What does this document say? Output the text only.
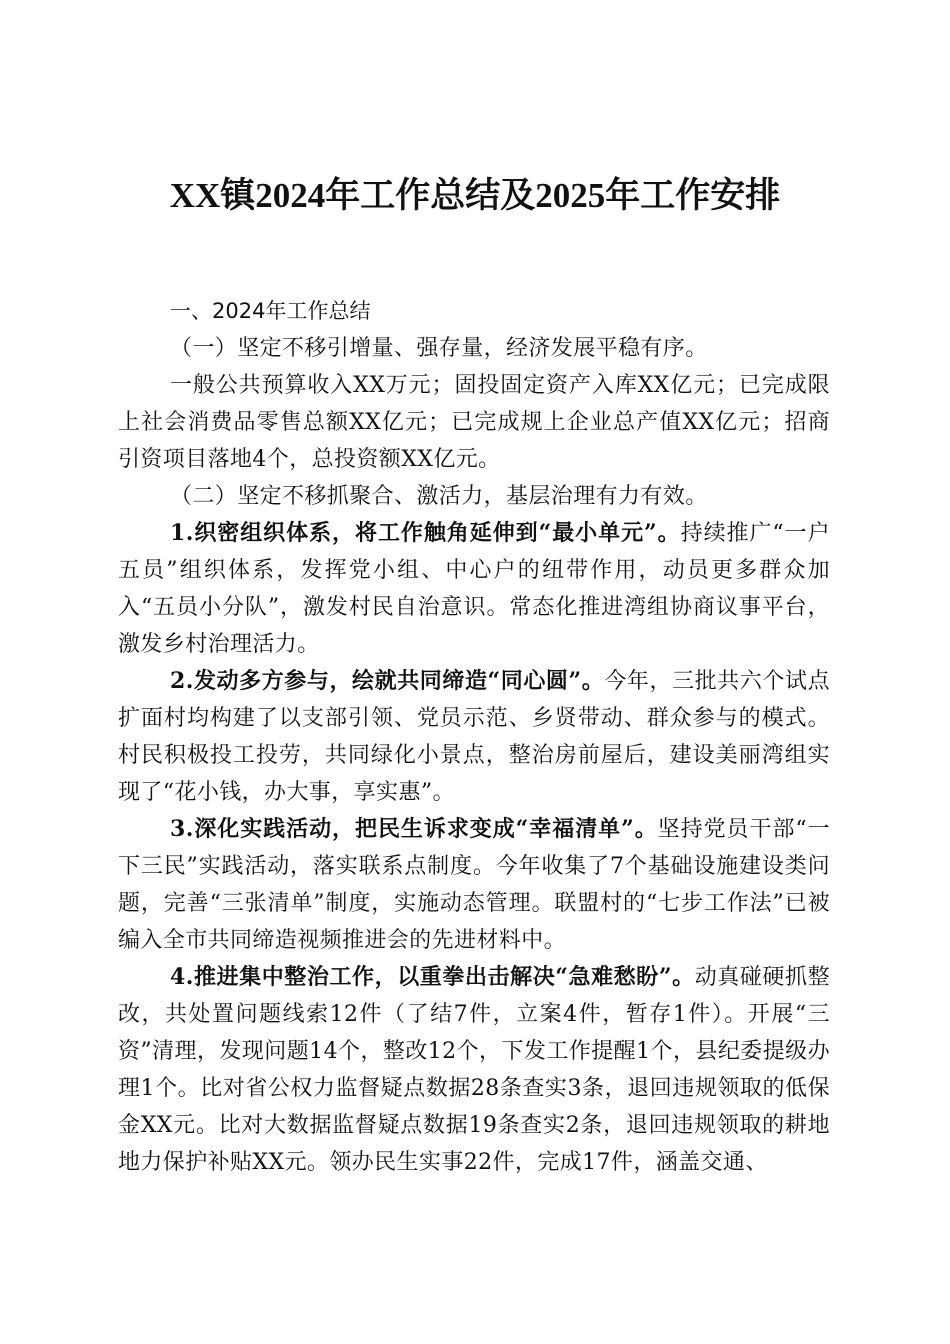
XX镇2024年工作总结及2025年工作安排

一、2024年工作总结

（一）坚定不移引增量、强存量，经济发展平稳有序。

一般公共预算收入XX万元；固投固定资产入库XX亿元；已完成限上社会消费品零售总额XX亿元；已完成规上企业总产值XX亿元；招商引资项目落地4个，总投资额XX亿元。

（二）坚定不移抓聚合、激活力，基层治理有力有效。

1.织密组织体系，将工作触角延伸到“最小单元”。持续推广“一户五员”组织体系，发挥党小组、中心户的纽带作用，动员更多群众加入“五员小分队”，激发村民自治意识。常态化推进湾组协商议事平台，激发乡村治理活力。

2.发动多方参与，绘就共同缔造“同心圆”。今年，三批共六个试点扩面村均构建了以支部引领、党员示范、乡贤带动、群众参与的模式。村民积极投工投劳，共同绿化小景点，整治房前屋后，建设美丽湾组实现了“花小钱，办大事，享实惠”。

3.深化实践活动，把民生诉求变成“幸福清单”。坚持党员干部“一下三民”实践活动，落实联系点制度。今年收集了7个基础设施建设类问题，完善“三张清单”制度，实施动态管理。联盟村的“七步工作法”已被编入全市共同缔造视频推进会的先进材料中。

4.推进集中整治工作，以重拳出击解决“急难愁盼”。动真碰硬抓整改，共处置问题线索12件（了结7件，立案4件，暂存1件）。开展“三资”清理，发现问题14个，整改12个，下发工作提醒1个，县纪委提级办理1个。比对省公权力监督疑点数据28条查实3条，退回违规领取的低保金XX元。比对大数据监督疑点数据19条查实2条，退回违规领取的耕地地力保护补贴XX元。领办民生实事22件，完成17件，涵盖交通、
